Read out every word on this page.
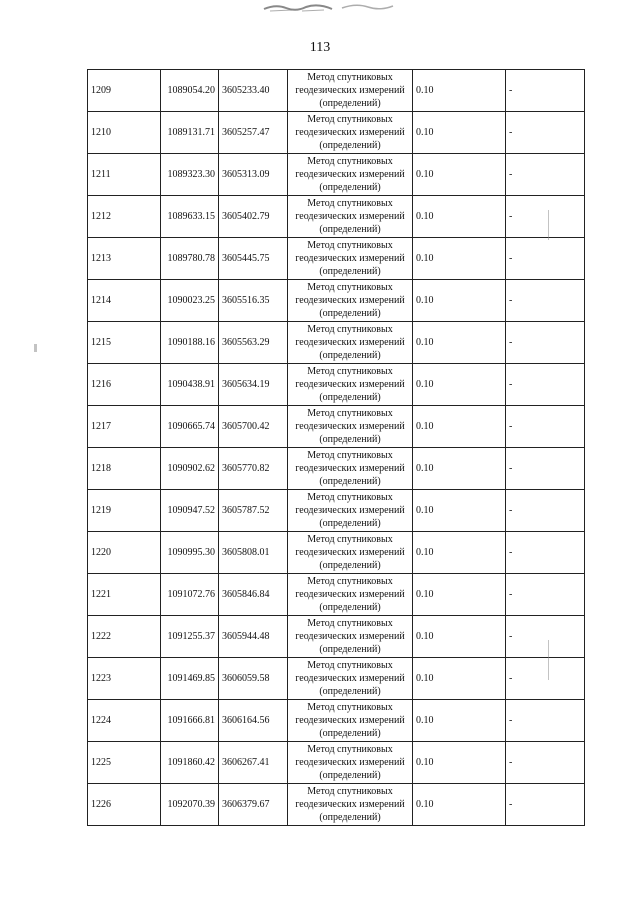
113
1209	1089054.20	3605233.40	Метод спутниковых
геодезических измерений
(определений)	0.10	-
1210	1089131.71	3605257.47	Метод спутниковых
геодезических измерений
(определений)	0.10	-
1211	1089323.30	3605313.09	Метод спутниковых
геодезических измерений
(определений)	0.10	-
1212	1089633.15	3605402.79	Метод спутниковых
геодезических измерений
(определений)	0.10	-
1213	1089780.78	3605445.75	Метод спутниковых
геодезических измерений
(определений)	0.10	-
1214	1090023.25	3605516.35	Метод спутниковых
геодезических измерений
(определений)	0.10	-
1215	1090188.16	3605563.29	Метод спутниковых
геодезических измерений
(определений)	0.10	-
1216	1090438.91	3605634.19	Метод спутниковых
геодезических измерений
(определений)	0.10	-
1217	1090665.74	3605700.42	Метод спутниковых
геодезических измерений
(определений)	0.10	-
1218	1090902.62	3605770.82	Метод спутниковых
геодезических измерений
(определений)	0.10	-
1219	1090947.52	3605787.52	Метод спутниковых
геодезических измерений
(определений)	0.10	-
1220	1090995.30	3605808.01	Метод спутниковых
геодезических измерений
(определений)	0.10	-
1221	1091072.76	3605846.84	Метод спутниковых
геодезических измерений
(определений)	0.10	-
1222	1091255.37	3605944.48	Метод спутниковых
геодезических измерений
(определений)	0.10	-
1223	1091469.85	3606059.58	Метод спутниковых
геодезических измерений
(определений)	0.10	-
1224	1091666.81	3606164.56	Метод спутниковых
геодезических измерений
(определений)	0.10	-
1225	1091860.42	3606267.41	Метод спутниковых
геодезических измерений
(определений)	0.10	-
1226	1092070.39	3606379.67	Метод спутниковых
геодезических измерений
(определений)	0.10	-
